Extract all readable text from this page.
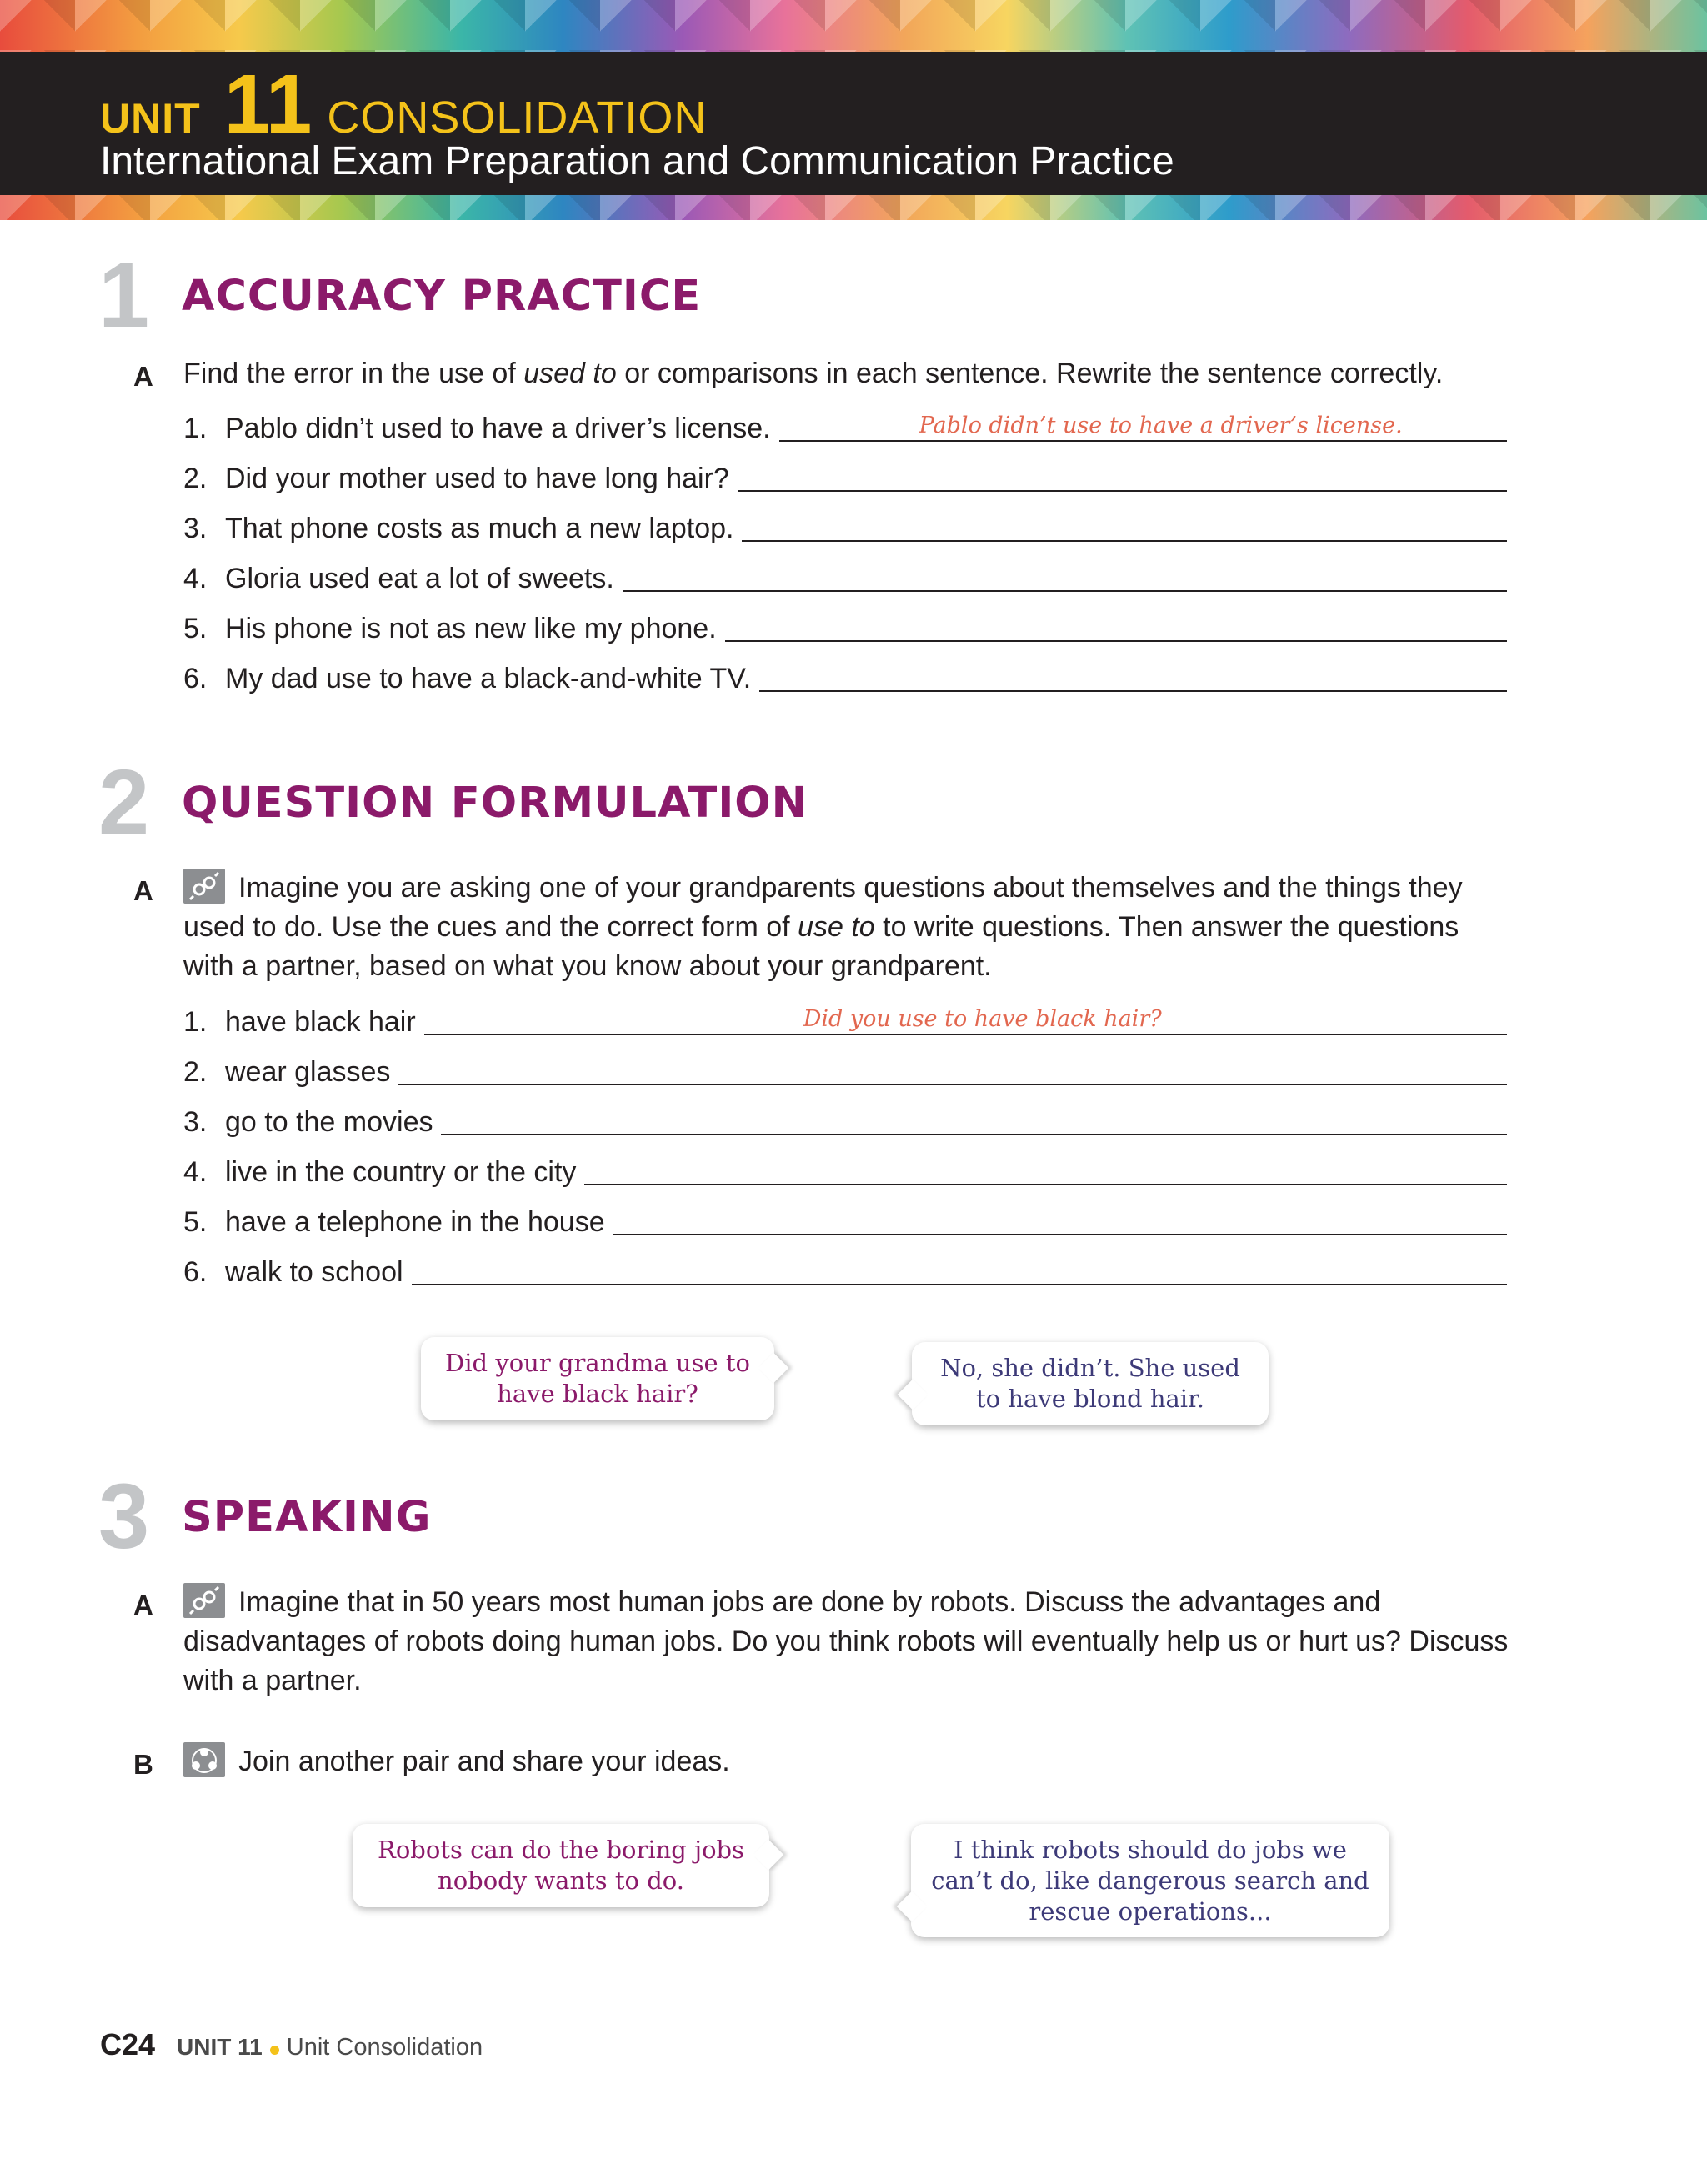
UNIT 11 CONSOLIDATION
International Exam Preparation and Communication Practice
1 ACCURACY PRACTICE
A Find the error in the use of used to or comparisons in each sentence. Rewrite the sentence correctly.
1. Pablo didn’t used to have a driver’s license.	Pablo didn’t use to have a driver’s license.
2. Did your mother used to have long hair?
3. That phone costs as much a new laptop.
4. Gloria used eat a lot of sweets.
5. His phone is not as new like my phone.
6. My dad use to have a black-and-white TV.
2 QUESTION FORMULATION
A	Imagine you are asking one of your grandparents questions about themselves and the things they used to do. Use the cues and the correct form of use to to write questions. Then answer the questions with a partner, based on what you know about your grandparent.
1. have black hair	Did you use to have black hair?
2. wear glasses
3. go to the movies
4. live in the country or the city
5. have a telephone in the house
6. walk to school
Did your grandma use to
have black hair?
No, she didn’t. She used
to have blond hair.
3 SPEAKING
A	Imagine that in 50 years most human jobs are done by robots. Discuss the advantages and disadvantages of robots doing human jobs. Do you think robots will eventually help us or hurt us? Discuss with a partner.
B	Join another pair and share your ideas.
Robots can do the boring jobs
nobody wants to do.
I think robots should do jobs we
can’t do, like dangerous search and
rescue operations...
C24 UNIT 11 Unit Consolidation
